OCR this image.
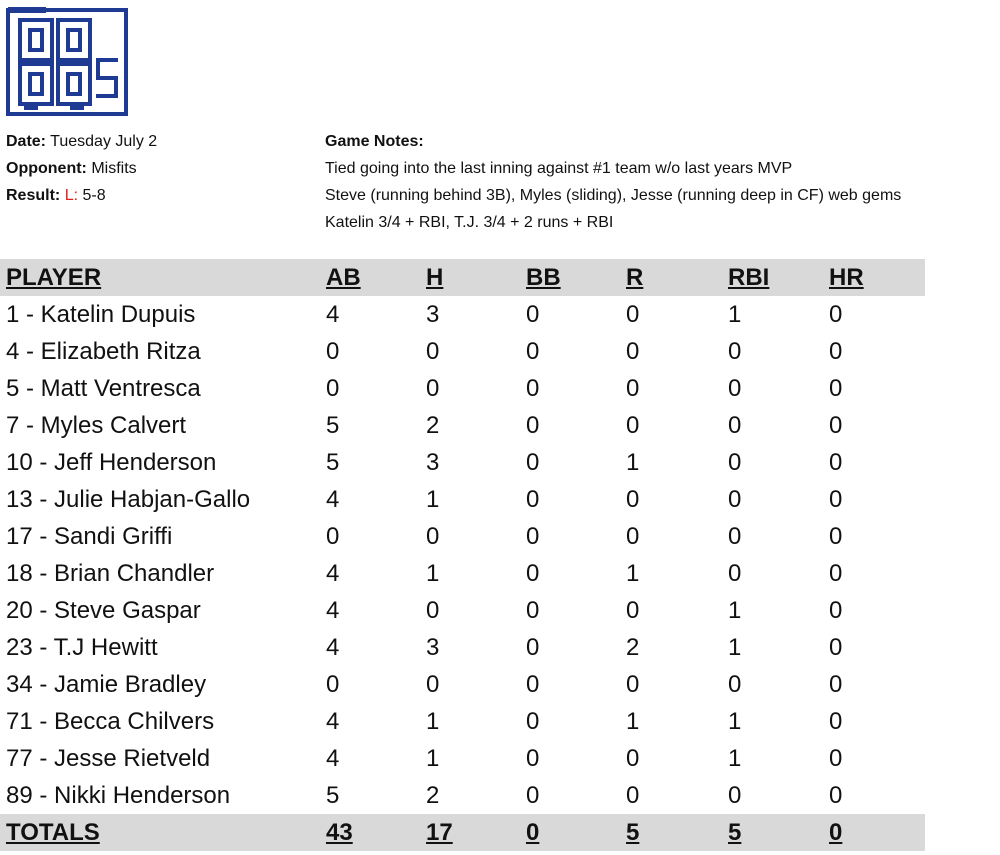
Date: Tuesday July 2
Opponent: Misfits
Result: L: 5-8
Game Notes:
Tied going into the last inning against #1 team w/o last years MVP
Steve (running behind 3B), Myles (sliding), Jesse (running deep in CF) web gems
Katelin 3/4 + RBI, T.J. 3/4 + 2 runs + RBI
PLAYER	AB	H	BB	R	RBI	HR
1 - Katelin Dupuis	4	3	0	0	1	0
4 - Elizabeth Ritza	0	0	0	0	0	0
5 - Matt Ventresca	0	0	0	0	0	0
7 - Myles Calvert	5	2	0	0	0	0
10 - Jeff Henderson	5	3	0	1	0	0
13 - Julie Habjan-Gallo	4	1	0	0	0	0
17 - Sandi Griffi	0	0	0	0	0	0
18 - Brian Chandler	4	1	0	1	0	0
20 - Steve Gaspar	4	0	0	0	1	0
23 - T.J Hewitt	4	3	0	2	1	0
34 - Jamie Bradley	0	0	0	0	0	0
71 - Becca Chilvers	4	1	0	1	1	0
77 - Jesse Rietveld	4	1	0	0	1	0
89 - Nikki Henderson	5	2	0	0	0	0
TOTALS	43	17	0	5	5	0
